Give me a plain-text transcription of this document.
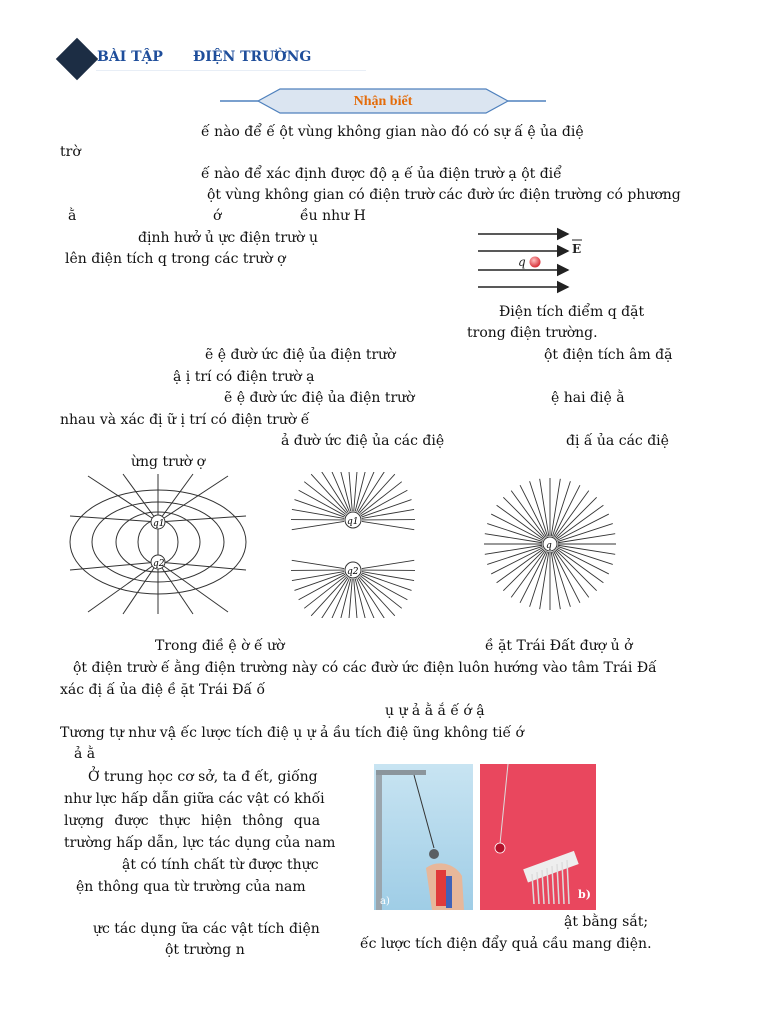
BÀI TẬP ĐIỆN TRƯỜNG
Nhận biết
ế nào để ế ột vùng không gian nào đó có sự ấ ệ ủa điệ
trờ
ế nào để xác định được độ ạ ế ủa điện trườ ạ ột điể
ột vùng không gian có điện trườ các đườ ức điện trường có phương
ằ	ớ	ều như H
định hưở ủ ực điện trườ ụ
lên điện tích q trong các trườ ợ	q
E
Điện tích điểm q đặt
trong điện trường.
ẽ ệ đườ ức điệ ủa điện trườ	ột điện tích âm đặ
ậ ị trí có điện trườ ạ
ẽ ệ đườ ức điệ ủa điện trườ	ệ hai điệ ằ
nhau và xác đị ữ ị trí có điện trườ ế
ả đườ ức điệ ủa các điệ	đị ấ ủa các điệ
ừng trườ ợ
q1
q2
q1
q2
q
Trong điề ệ ờ ế ườ	ề ặt Trái Đất đượ ủ ở
ột điện trườ ế ằng điện trường này có các đườ ức điện luôn hướng vào tâm Trái Đấ
xác đị ấ ủa điệ ề ặt Trái Đấ ố
ụ ự ả ằ ắ ế ớ ậ
Tương tự như vậ ếc lược tích điệ ụ ự ả ầu tích điệ ũng không tiế ớ
ả ằ
Ở trung học cơ sở, ta đ ết, giống
như lực hấp dẫn giữa các vật có khối
lượng được thực hiện thông qua
trường hấp dẫn, lực tác dụng của nam
ật có tính chất từ được thực
ện thông qua từ trường của nam
ực tác dụng ữa các vật tích điện
ột trường n
a)
b)
ật bằng sắt;
ếc lược tích điện đẩy quả cầu mang điện.
